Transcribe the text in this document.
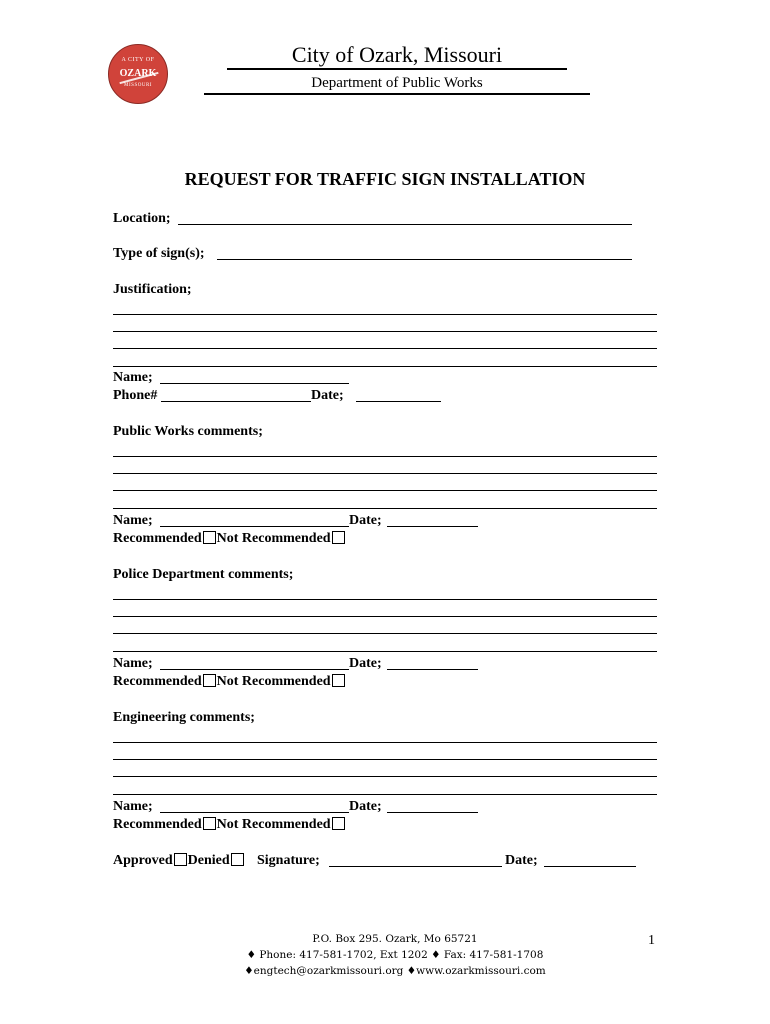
A CITY OF
OZARK
MISSOURI
City of Ozark, Missouri
Department of Public Works
REQUEST FOR TRAFFIC SIGN INSTALLATION
Location;
Type of sign(s);
Justification;
Name;
Phone#	Date;
Public Works comments;
Name;	Date;
Recommended Not Recommended
Police Department comments;
Name;	Date;
Recommended Not Recommended
Engineering comments;
Name;	Date;
Recommended Not Recommended
Approved Denied	Signature;	Date;
P.O. Box 295. Ozark, Mo 65721
♦ Phone: 417-581-1702, Ext 1202 ♦ Fax: 417-581-1708
♦engtech@ozarkmissouri.org ♦www.ozarkmissouri.com
1
